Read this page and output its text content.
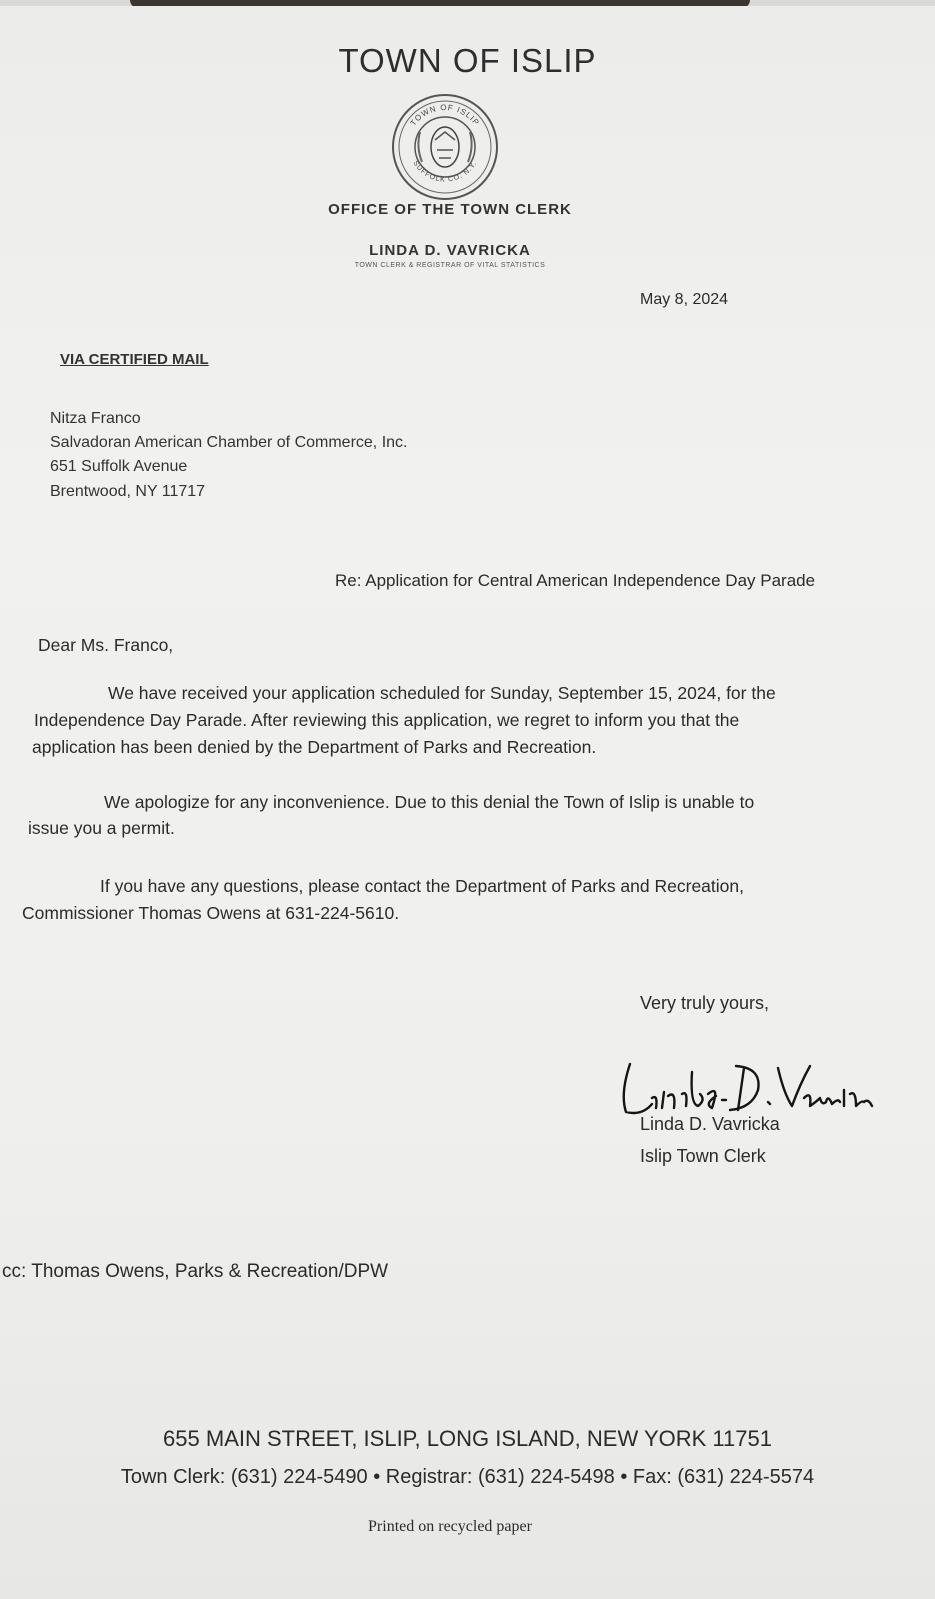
TOWN OF ISLIP
TOWN OF ISLIP
SUFFOLK CO. N.Y.
OFFICE OF THE TOWN CLERK
LINDA D. VAVRICKA
TOWN CLERK & REGISTRAR OF VITAL STATISTICS
May 8, 2024
VIA CERTIFIED MAIL
Nitza Franco
Salvadoran American Chamber of Commerce, Inc.
651 Suffolk Avenue
Brentwood, NY 11717
Re: Application for Central American Independence Day Parade
Dear Ms. Franco,
We have received your application scheduled for Sunday, September 15, 2024, for the
Independence Day Parade. After reviewing this application, we regret to inform you that the
application has been denied by the Department of Parks and Recreation.
We apologize for any inconvenience. Due to this denial the Town of Islip is unable to
issue you a permit.
If you have any questions, please contact the Department of Parks and Recreation,
Commissioner Thomas Owens at 631-224-5610.
Very truly yours,
Linda D. Vavricka
Islip Town Clerk
cc: Thomas Owens, Parks & Recreation/DPW
655 MAIN STREET, ISLIP, LONG ISLAND, NEW YORK 11751
Town Clerk: (631) 224-5490 • Registrar: (631) 224-5498 • Fax: (631) 224-5574
Printed on recycled paper
